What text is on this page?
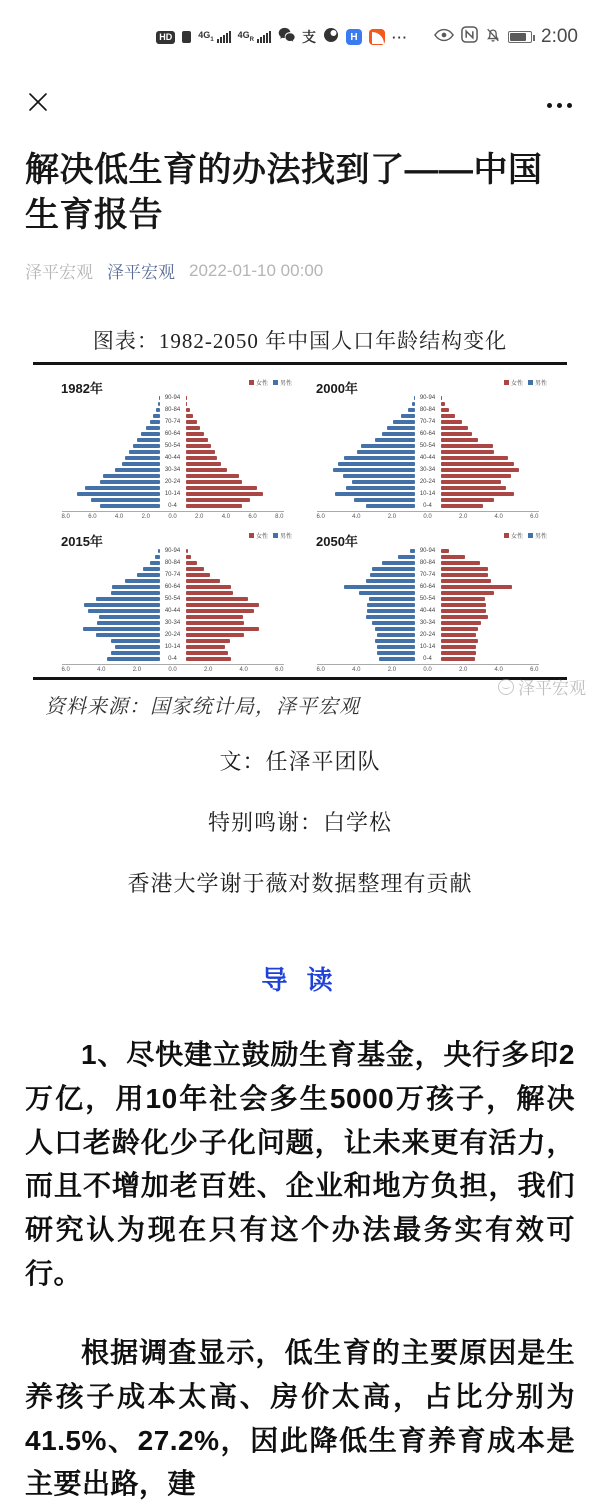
HD	$4G_1$	$4G^R$	支	H	···	2:00
解决低生育的办法找到了——中国生育报告
泽平宏观 泽平宏观 2022-01-10 00:00
图表：1982-2050 年中国人口年龄结构变化
1982年	女性 男性
90-94
80-84
70-74
60-64
50-54
40-44
30-34
20-24
10-14
0-4
8.0	6.0	4.0	2.0	0.0	2.0	4.0	6.0	8.0
2000年	女性 男性
90-94
80-84
70-74
60-64
50-54
40-44
30-34
20-24
10-14
0-4
6.0	4.0	2.0	0.0	2.0	4.0	6.0
2015年	女性 男性
90-94
80-84
70-74
60-64
50-54
40-44
30-34
20-24
10-14
0-4
6.0	4.0	2.0	0.0	2.0	4.0	6.0
2050年	女性 男性
90-94
80-84
70-74
60-64
50-54
40-44
30-34
20-24
10-14
0-4
6.0	4.0	2.0	0.0	2.0	4.0	6.0
资料来源：国家统计局，泽平宏观
泽平宏观

文：任泽平团队

特别鸣谢：白学松

香港大学谢于薇对数据整理有贡献

导 读

1、尽快建立鼓励生育基金，央行多印2万亿，用10年社会多生5000万孩子，解决人口老龄化少子化问题，让未来更有活力，而且不增加老百姓、企业和地方负担，我们研究认为现在只有这个办法最务实有效可行。

根据调查显示，低生育的主要原因是生养孩子成本太高、房价太高，占比分别为41.5%、27.2%，因此降低生育养育成本是主要出路，建
